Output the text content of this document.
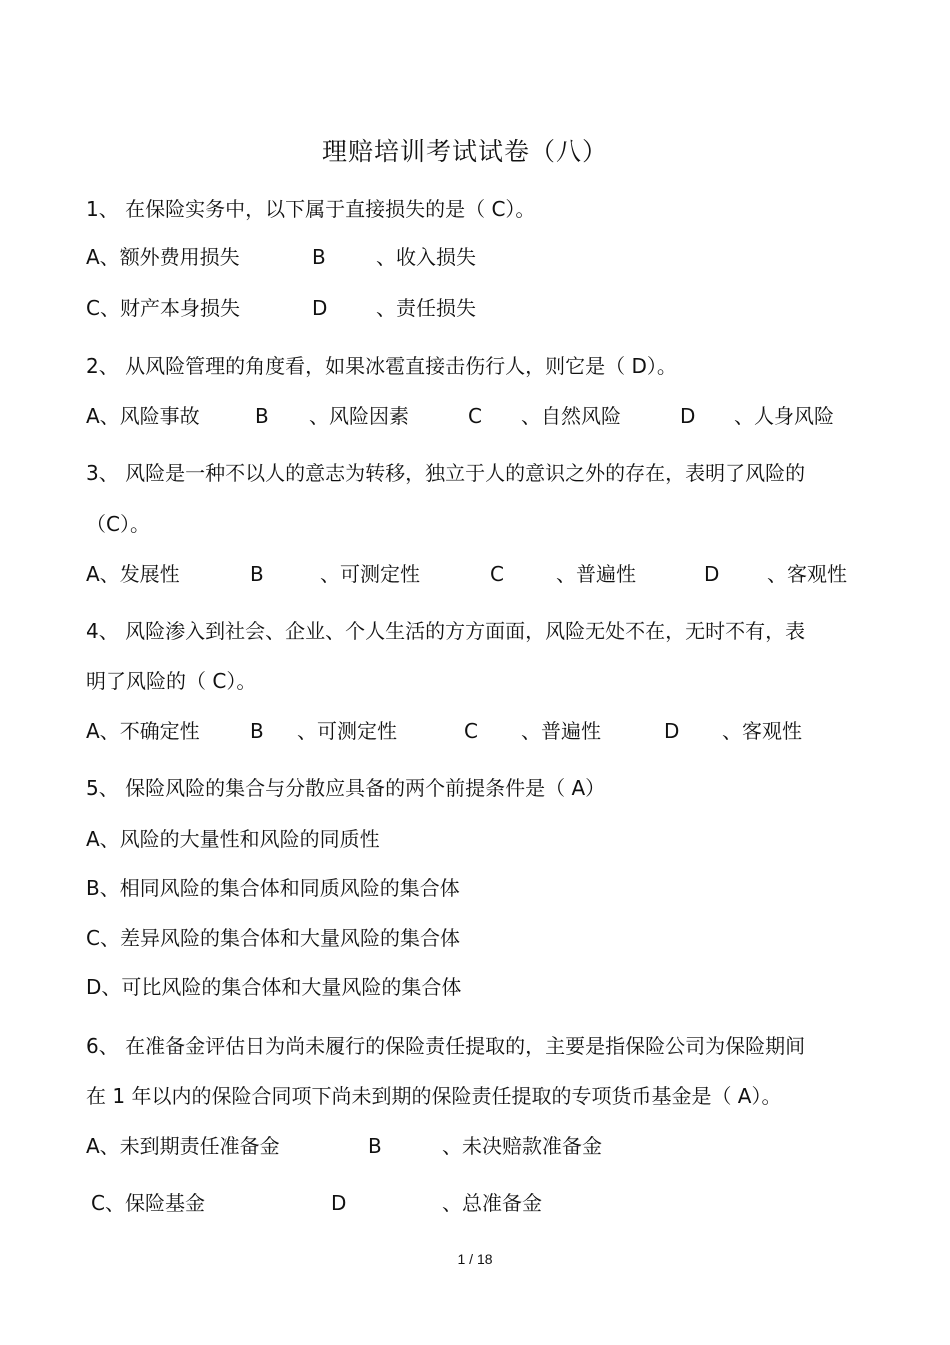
理赔培训考试试卷（八）
1、 在保险实务中，以下属于直接损失的是（ C）。
A、额外费用损失	B	、收入损失
C、财产本身损失	D 、责任损失
2、 从风险管理的角度看，如果冰雹直接击伤行人，则它是（ D）。
A、风险事故	B 、风险因素	C 、自然风险	D 、人身风险
3、 风险是一种不以人的意志为转移，独立于人的意识之外的存在，表明了风险的
（C）。
A、发展性	B	、可测定性	C	、普遍性	D 、客观性
4、 风险渗入到社会、企业、个人生活的方方面面，风险无处不在，无时不有，表
明了风险的（ C）。
A、不确定性	B 、可测定性	C 、普遍性	D 、客观性
5、 保险风险的集合与分散应具备的两个前提条件是（ A）
A、风险的大量性和风险的同质性
B、相同风险的集合体和同质风险的集合体
C、差异风险的集合体和大量风险的集合体
D、可比风险的集合体和大量风险的集合体
6、 在准备金评估日为尚未履行的保险责任提取的，主要是指保险公司为保险期间
在 1 年以内的保险合同项下尚未到期的保险责任提取的专项货币基金是（ A）。
A、未到期责任准备金	B	、未决赔款准备金
C、保险基金	D	、总准备金
1 / 18
